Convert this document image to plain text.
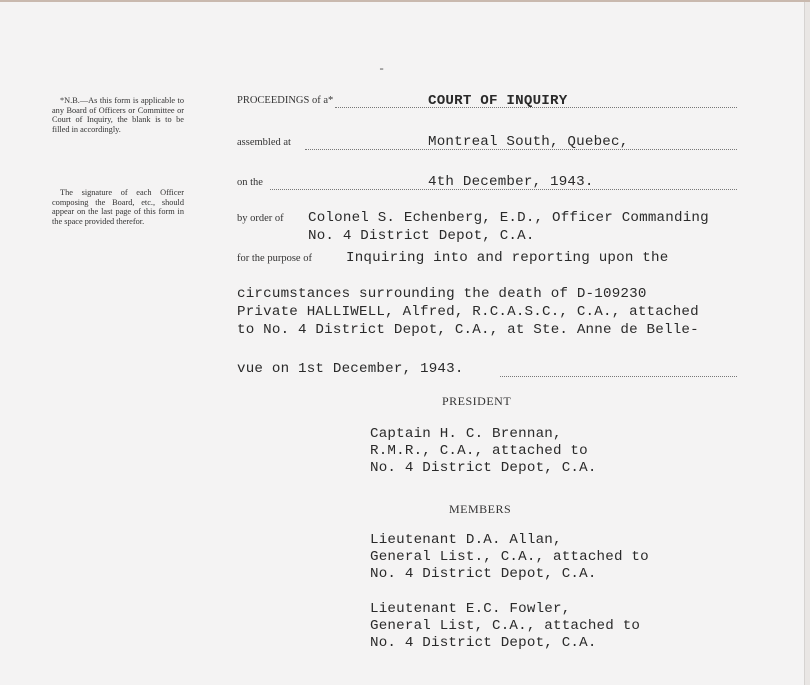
-

*N.B.—As this form is applicable to any Board of Officers or Committee or Court of Inquiry, the blank is to be filled in accordingly.

The signature of each Officer composing the Board, etc., should appear on the last page of this form in the space provided therefor.

PROCEEDINGS of a*	COURT OF INQUIRY
assembled at	Montreal South, Quebec,
on the	4th December, 1943.
by order of Colonel S. Echenberg, E.D., Officer Commanding
No. 4 District Depot, C.A.
for the purpose of Inquiring into and reporting upon the
circumstances surrounding the death of D-109230
Private HALLIWELL, Alfred, R.C.A.S.C., C.A., attached
to No. 4 District Depot, C.A., at Ste. Anne de Belle-
vue on 1st December, 1943.
PRESIDENT
Captain H. C. Brennan,
R.M.R., C.A., attached to
No. 4 District Depot, C.A.
MEMBERS
Lieutenant D.A. Allan,
General List., C.A., attached to
No. 4 District Depot, C.A.
Lieutenant E.C. Fowler,
General List, C.A., attached to
No. 4 District Depot, C.A.
